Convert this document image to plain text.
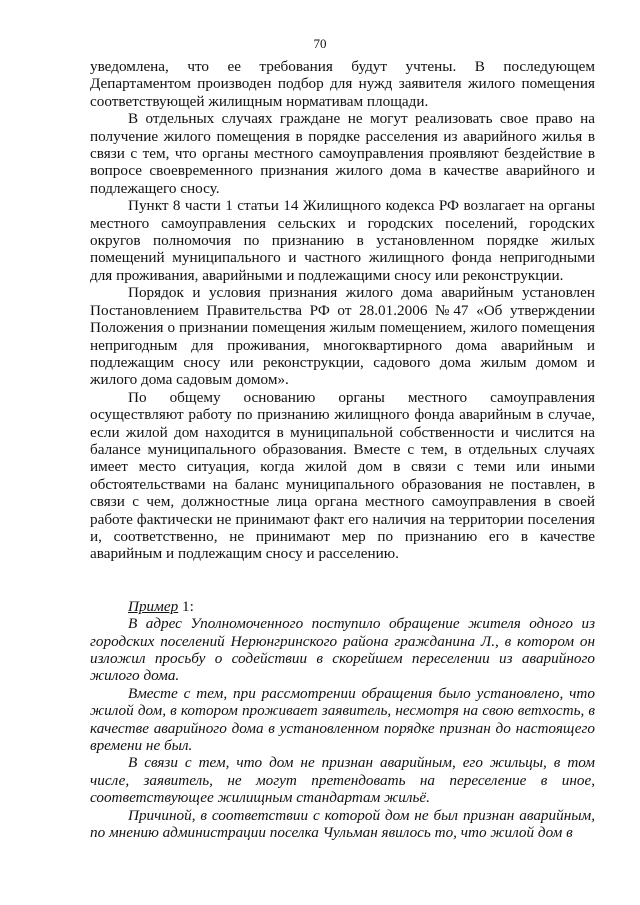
70

уведомлена, что ее требования будут учтены. В последующем Департаментом производен подбор для нужд заявителя жилого помещения соответствующей жилищным нормативам площади.

В отдельных случаях граждане не могут реализовать свое право на получение жилого помещения в порядке расселения из аварийного жилья в связи с тем, что органы местного самоуправления проявляют бездействие в вопросе своевременного признания жилого дома в качестве аварийного и подлежащего сносу.

Пункт 8 части 1 статьи 14 Жилищного кодекса РФ возлагает на органы местного самоуправления сельских и городских поселений, городских округов полномочия по признанию в установленном порядке жилых помещений муниципального и частного жилищного фонда непригодными для проживания, аварийными и подлежащими сносу или реконструкции.

Порядок и условия признания жилого дома аварийным установлен Постановлением Правительства РФ от 28.01.2006 №47 «Об утверждении Положения о признании помещения жилым помещением, жилого помещения непригодным для проживания, многоквартирного дома аварийным и подлежащим сносу или реконструкции, садового дома жилым домом и жилого дома садовым домом».

По общему основанию органы местного самоуправления осуществляют работу по признанию жилищного фонда аварийным в случае, если жилой дом находится в муниципальной собственности и числится на балансе муниципального образования. Вместе с тем, в отдельных случаях имеет место ситуация, когда жилой дом в связи с теми или иными обстоятельствами на баланс муниципального образования не поставлен, в связи с чем, должностные лица органа местного самоуправления в своей работе фактически не принимают факт его наличия на территории поселения и, соответственно, не принимают мер по признанию его в качестве аварийным и подлежащим сносу и расселению.

Пример 1:

В адрес Уполномоченного поступило обращение жителя одного из городских поселений Нерюнгринского района гражданина Л., в котором он изложил просьбу о содействии в скорейшем переселении из аварийного жилого дома.

Вместе с тем, при рассмотрении обращения было установлено, что жилой дом, в котором проживает заявитель, несмотря на свою ветхость, в качестве аварийного дома в установленном порядке признан до настоящего времени не был.

В связи с тем, что дом не признан аварийным, его жильцы, в том числе, заявитель, не могут претендовать на переселение в иное, соответствующее жилищным стандартам жильё.

Причиной, в соответствии с которой дом не был признан аварийным, по мнению администрации поселка Чульман явилось то, что жилой дом в
